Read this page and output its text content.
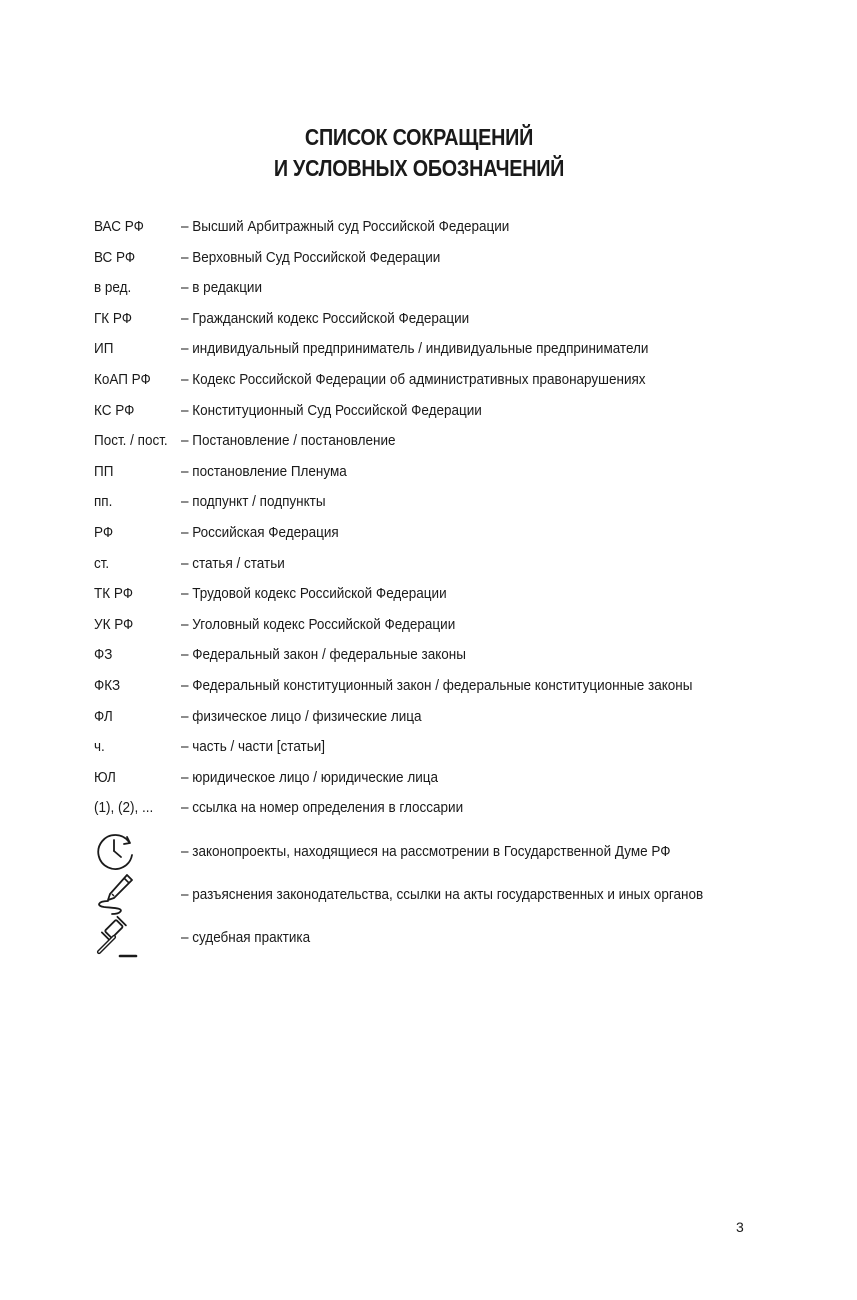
СПИСОК СОКРАЩЕНИЙ
И УСЛОВНЫХ ОБОЗНАЧЕНИЙ
ВАС РФ – Высший Арбитражный суд Российской Федерации
ВС РФ	– Верховный Суд Российской Федерации
в ред.	– в редакции
ГК РФ	– Гражданский кодекс Российской Федерации
ИП	– индивидуальный предприниматель / индивидуальные предприниматели
КоАП РФ – Кодекс Российской Федерации об административных правонарушениях
КС РФ	– Конституционный Суд Российской Федерации
Пост. / пост. – Постановление / постановление
ПП	– постановление Пленума
пп.	– подпункт / подпункты
РФ	– Российская Федерация
ст.	– статья / статьи
ТК РФ	– Трудовой кодекс Российской Федерации
УК РФ	– Уголовный кодекс Российской Федерации
ФЗ	– Федеральный закон / федеральные законы
ФКЗ	– Федеральный конституционный закон / федеральные конституционные законы
ФЛ	– физическое лицо / физические лица
ч.	– часть / части [статьи]
ЮЛ	– юридическое лицо / юридические лица
(1), (2), ... – ссылка на номер определения в глоссарии
– законопроекты, находящиеся на рассмотрении в Государственной Думе РФ
– разъяснения законодательства, ссылки на акты государственных и иных органов
– судебная практика
3
